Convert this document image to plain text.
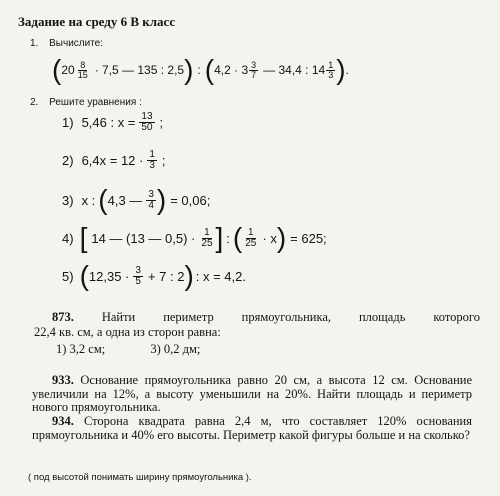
Задание на среду 6 В класс
1. Вычислите:
( $20 \frac{8}{15} \cdot 7,5$ — 135 : 2,5 ) : ( $4,2 \cdot 3 \frac{3}{7}$ — 34,4 : $14 \frac{1}{3}$ ) .
2. Решите уравнения :
1) 5,46 : $x = \frac{13}{50}$ ;
2) $6,4x = 12 \cdot \frac{1}{3}$ ;
3) x : ( 4,3 — $\frac{3}{4}$ ) = 0,06;
4) [ 14 — (13 — $0,5) \cdot \frac{1}{25}$ ] : ( $\frac{1}{25} \cdot x$ ) = 625;
5) ( $12,35 \cdot \frac{3}{5} + 7$ : 2 ) : x = 4,2.
873. Найти периметр прямоугольника, площадь которого
22,4 кв. см, а одна из сторон равна:
1) 3,2 см;	3) 0,2 дм;
933. Основание прямоугольника равно 20 см, а высота 12 см. Основание увеличили на 12%, а высоту уменьшили на 20%. Найти площадь и периметр нового прямоугольника.
934. Сторона квадрата равна 2,4 м, что составляет 120% основания прямоугольника и 40% его высоты. Периметр какой фигуры больше и на сколько?
( под высотой понимать ширину прямоугольника ).
